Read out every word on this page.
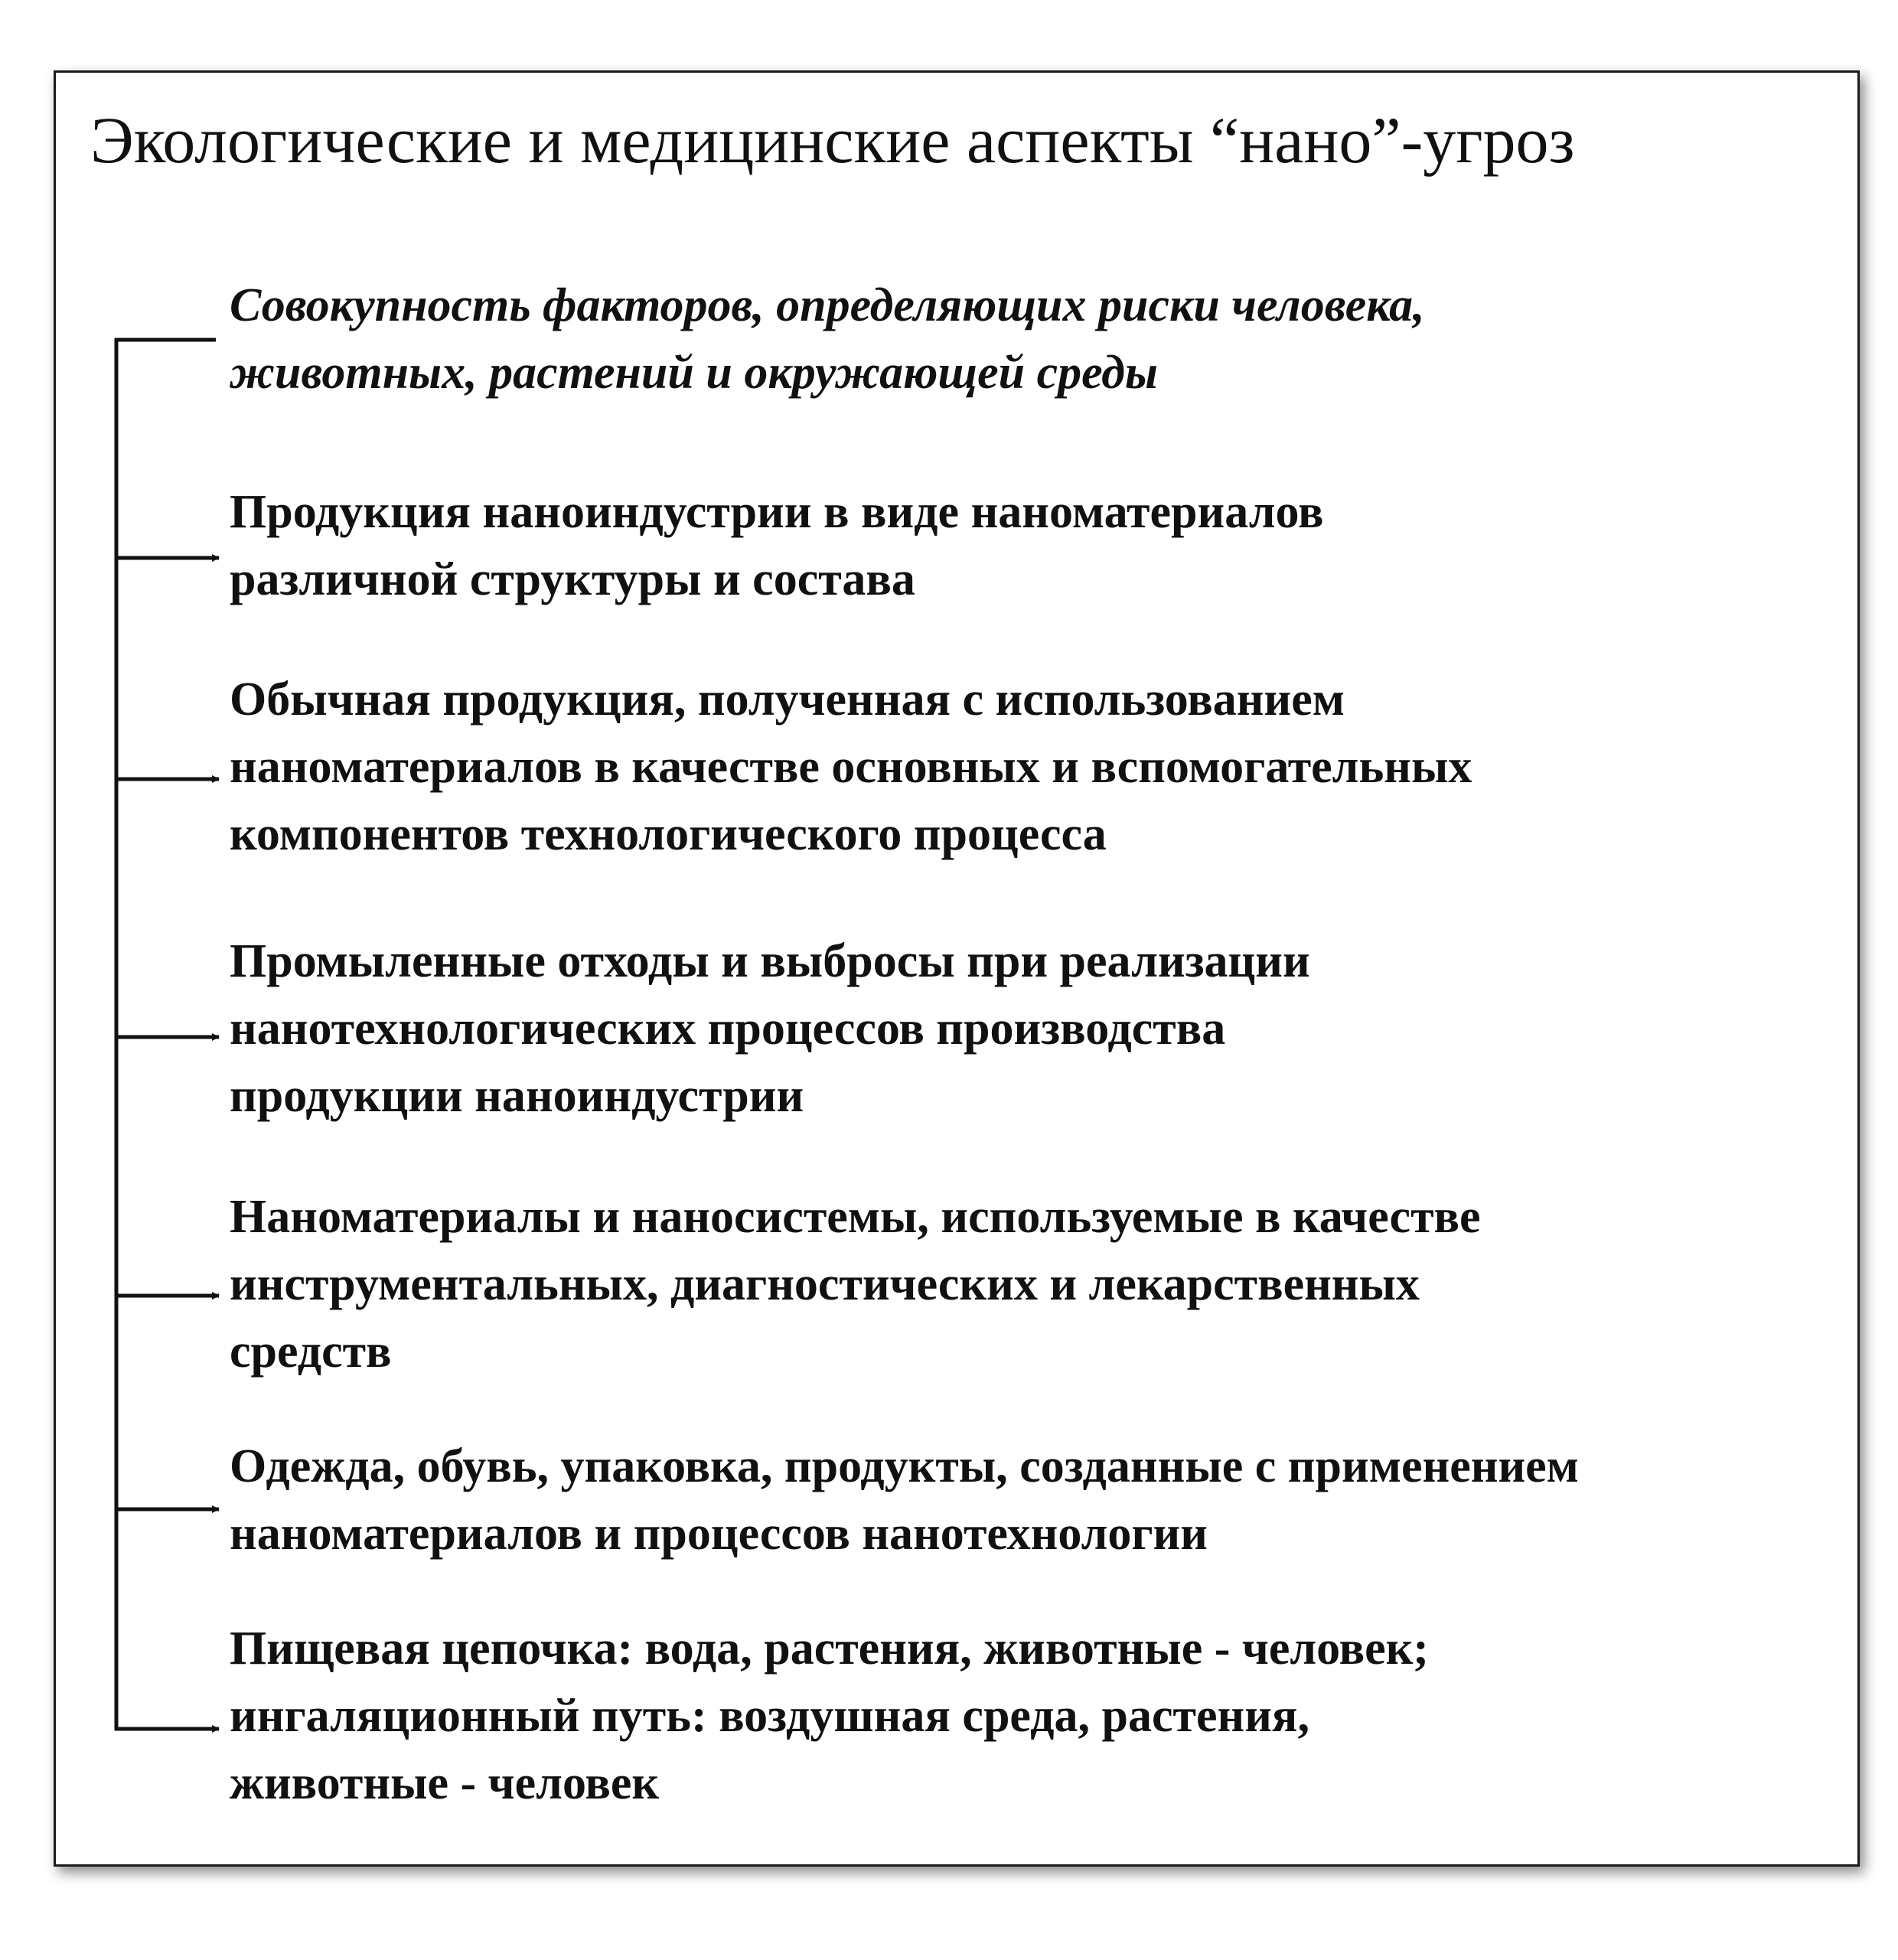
Экологические и медицинские аспекты “нано”-угроз
Совокупность факторов, определяющих риски человека,
животных, растений и окружающей среды
Продукция наноиндустрии в виде наноматериалов
различной структуры и состава
Обычная продукция, полученная с использованием
наноматериалов в качестве основных и вспомогательных
компонентов технологического процесса
Промыленные отходы и выбросы при реализации
нанотехнологических процессов производства
продукции наноиндустрии
Наноматериалы и наносистемы, используемые в качестве
инструментальных, диагностических и лекарственных
средств
Одежда, обувь, упаковка, продукты, созданные с применением
наноматериалов и процессов нанотехнологии
Пищевая цепочка: вода, растения, животные - человек;
ингаляционный путь: воздушная среда, растения,
животные - человек
